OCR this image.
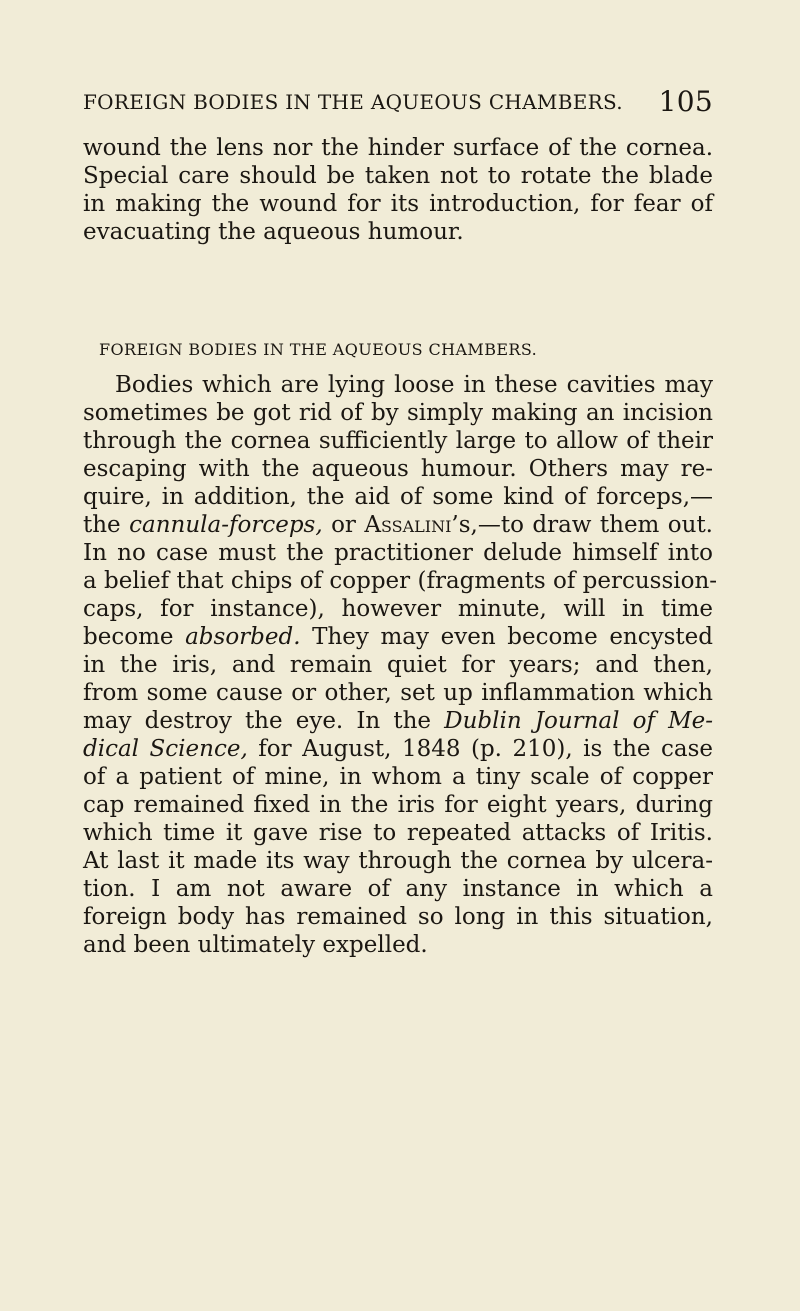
FOREIGN BODIES IN THE AQUEOUS CHAMBERS. 105
wound the lens nor the hinder surface of the cornea.
Special care should be taken not to rotate the blade
in making the wound for its introduction, for fear of
evacuating the aqueous humour.
FOREIGN BODIES IN THE AQUEOUS CHAMBERS.
Bodies which are lying loose in these cavities may
sometimes be got rid of by simply making an incision
through the cornea sufficiently large to allow of their
escaping with the aqueous humour. Others may re-
quire, in addition, the aid of some kind of forceps,—
the cannula-forceps, or Assalini’s,—to draw them out.
In no case must the practitioner delude himself into
a belief that chips of copper (fragments of percussion-
caps, for instance), however minute, will in time
become absorbed. They may even become encysted
in the iris, and remain quiet for years; and then,
from some cause or other, set up inflammation which
may destroy the eye. In the Dublin Journal of Me-
dical Science, for August, 1848 (p. 210), is the case
of a patient of mine, in whom a tiny scale of copper
cap remained fixed in the iris for eight years, during
which time it gave rise to repeated attacks of Iritis.
At last it made its way through the cornea by ulcera-
tion. I am not aware of any instance in which a
foreign body has remained so long in this situation,
and been ultimately expelled.
